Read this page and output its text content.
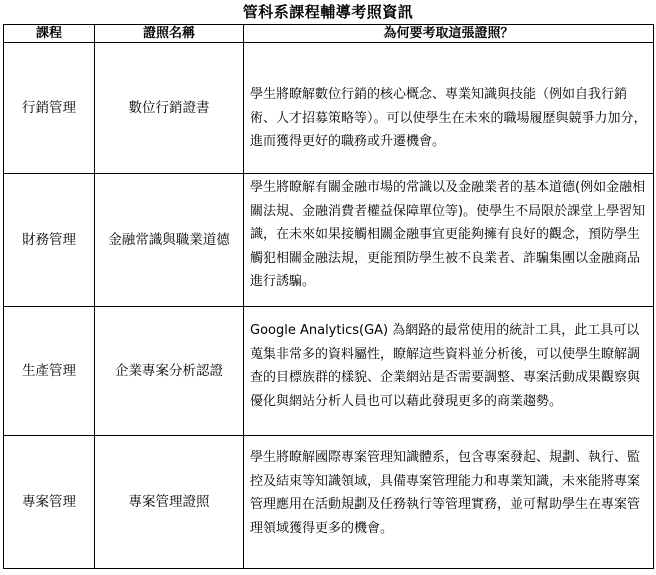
管科系課程輔導考照資訊
課程	證照名稱	為何要考取這張證照？
行銷管理	數位行銷證書	學生將瞭解數位行銷的核心概念、專業知識與技能（例如自我行銷術、人才招募策略等）。可以使學生在未來的職場履歷與競爭力加分，進而獲得更好的職務或升遷機會。

財務管理	金融常識與職業道德	學生將瞭解有關金融市場的常識以及金融業者的基本道德(例如金融相關法規、金融消費者權益保障單位等)。使學生不局限於課堂上學習知識，在未來如果接觸相關金融事宜更能夠擁有良好的觀念，預防學生觸犯相關金融法規，更能預防學生被不良業者、詐騙集團以金融商品進行誘騙。

生產管理	企業專案分析認證	Google Analytics(GA) 為網路的最常使用的統計工具，此工具可以蒐集非常多的資料屬性，瞭解這些資料並分析後，可以使學生瞭解調查的目標族群的樣貌、企業網站是否需要調整、專案活動成果觀察與優化與網站分析人員也可以藉此發現更多的商業趨勢。

專案管理	專案管理證照	學生將瞭解國際專案管理知識體系，包含專案發起、規劃、執行、監控及結束等知識領域，具備專案管理能力和專業知識，未來能將專案管理應用在活動規劃及任務執行等管理實務，並可幫助學生在專案管理領域獲得更多的機會。
